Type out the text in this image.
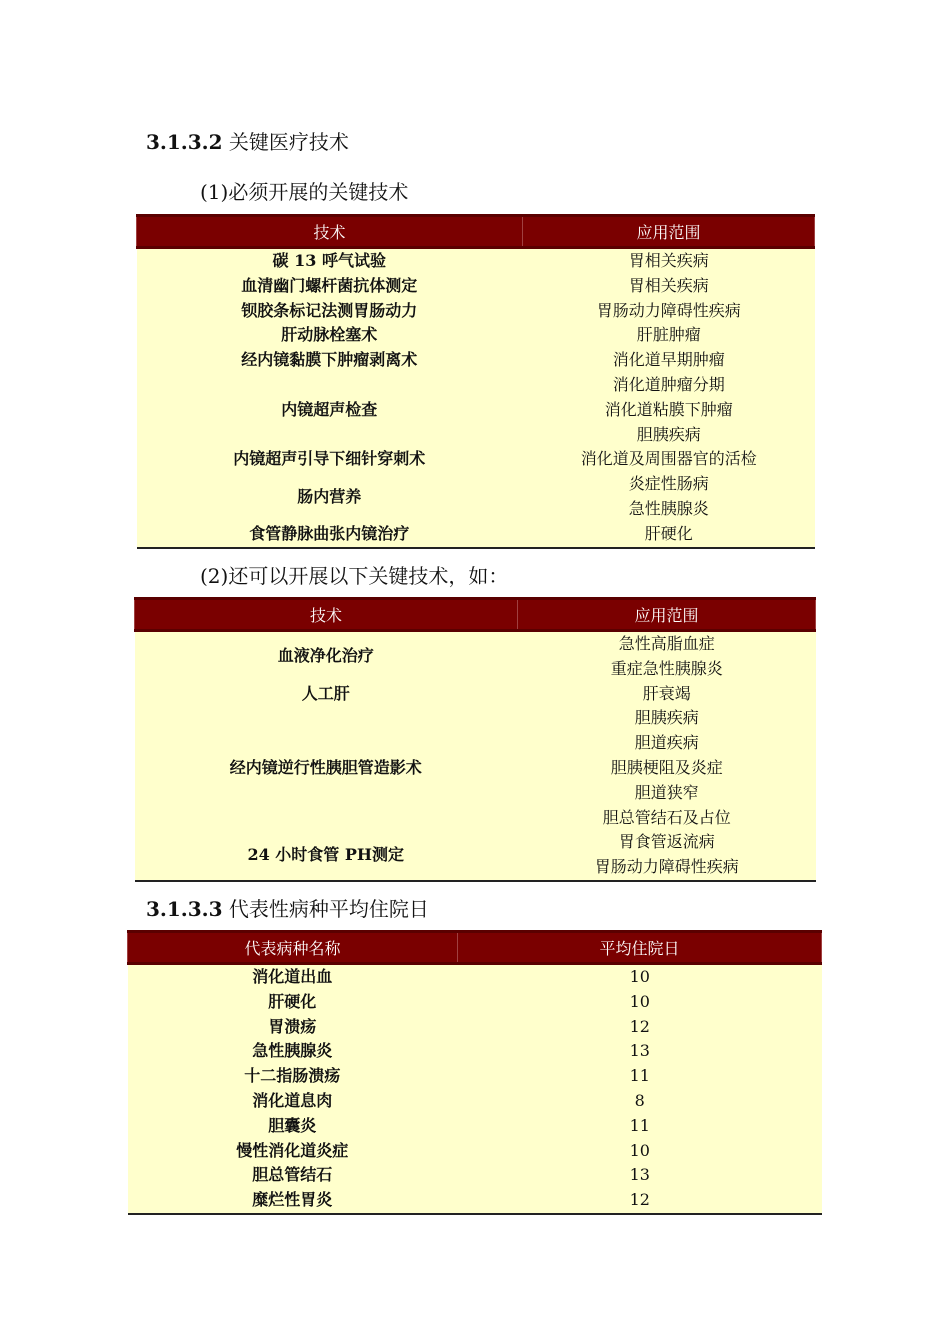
3.1.3.2 关键医疗技术
(1)必须开展的关键技术
技术	应用范围
碳 13 呼气试验	胃相关疾病
血清幽门螺杆菌抗体测定	胃相关疾病
钡胶条标记法测胃肠动力	胃肠动力障碍性疾病
肝动脉栓塞术	肝脏肿瘤
经内镜黏膜下肿瘤剥离术	消化道早期肿瘤
内镜超声检查	消化道肿瘤分期
	消化道粘膜下肿瘤
	胆胰疾病
内镜超声引导下细针穿刺术	消化道及周围器官的活检
肠内营养	炎症性肠病
	急性胰腺炎
食管静脉曲张内镜治疗	肝硬化
(2)还可以开展以下关键技术，如：
技术	应用范围
血液净化治疗	急性高脂血症
	重症急性胰腺炎
人工肝	肝衰竭
经内镜逆行性胰胆管造影术	胆胰疾病
	胆道疾病
	胆胰梗阻及炎症
	胆道狭窄
	胆总管结石及占位
24 小时食管 PH测定	胃食管返流病
	胃肠动力障碍性疾病
3.1.3.3 代表性病种平均住院日
代表病种名称	平均住院日
消化道出血	10
肝硬化	10
胃溃疡	12
急性胰腺炎	13
十二指肠溃疡	11
消化道息肉	8
胆囊炎	11
慢性消化道炎症	10
胆总管结石	13
糜烂性胃炎	12
